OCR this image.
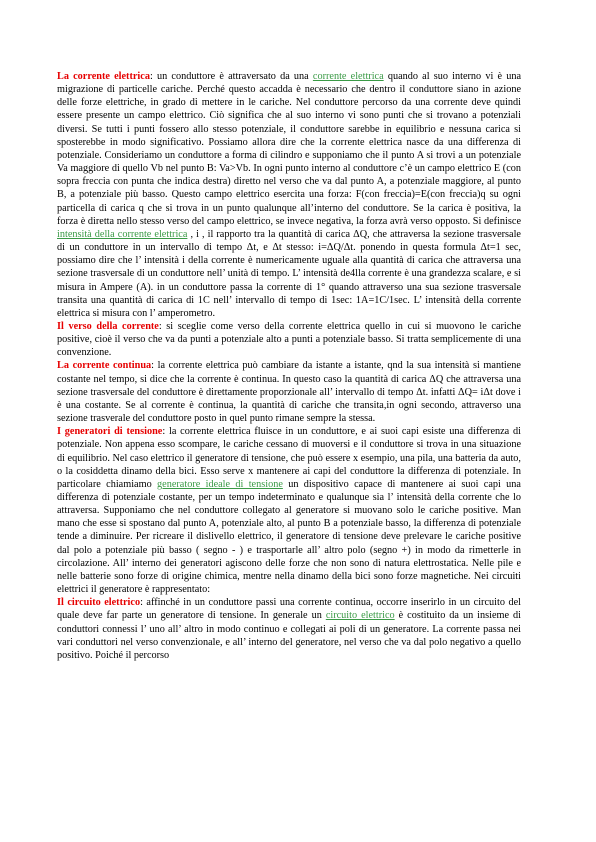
La corrente elettrica: un conduttore è attraversato da una corrente elettrica quando al suo interno vi è una migrazione di particelle cariche. Perché questo accadda è necessario che dentro il conduttore siano in azione delle forze elettriche, in grado di mettere in le cariche. Nel conduttore percorso da una corrente deve quindi essere presente un campo elettrico. Ciò significa che al suo interno vi sono punti che si trovano a potenziali diversi. Se tutti i punti fossero allo stesso potenziale, il conduttore sarebbe in equilibrio e nessuna carica si sposterebbe in modo significativo. Possiamo allora dire che la corrente elettrica nasce da una differenza di potenziale. Consideriamo un conduttore a forma di cilindro e supponiamo che il punto A si trovi a un potenziale Va maggiore di quello Vb nel punto B: Va>Vb. In ogni punto interno al conduttore c’è un campo elettrico E (con sopra freccia con punta che indica destra) diretto nel verso che va dal punto A, a potenziale maggiore, al punto B, a potenziale più basso. Questo campo elettrico esercita una forza: F(con freccia)=E(con freccia)q su ogni particella di carica q che si trova in un punto qualunque all’interno del conduttore. Se la carica è positiva, la forza è diretta nello stesso verso del campo elettrico, se invece negativa, la forza avrà verso opposto. Si definisce intensità della corrente elettrica , i , il rapporto tra la quantità di carica ΔQ, che attraversa la sezione trasversale di un conduttore in un intervallo di tempo Δt, e Δt stesso: i=ΔQ/Δt. ponendo in questa formula Δt=1 sec, possiamo dire che l’ intensità i della corrente è numericamente uguale alla quantità di carica che attraversa una sezione trasversale di un conduttore nell’ unità di tempo. L’ intensità de4lla corrente è una grandezza scalare, e si misura in Ampere (A). in un conduttore passa la corrente di 1° quando attraverso una sua sezione trasversale transita una quantità di carica di 1C nell’ intervallo di tempo di 1sec: 1A=1C/1sec. L’ intensità della corrente elettrica si misura con l’ amperometro.

Il verso della corrente: si sceglie come verso della corrente elettrica quello in cui si muovono le cariche positive, cioè il verso che va da punti a potenziale alto a punti a potenziale basso. Si tratta semplicemente di una convenzione.

La corrente continua: la corrente elettrica può cambiare da istante a istante, qnd la sua intensità si mantiene costante nel tempo, si dice che la corrente è continua. In questo caso la quantità di carica ΔQ che attraversa una sezione trasversale del conduttore è direttamente proporzionale all’ intervallo di tempo Δt. infatti ΔQ= iΔt dove i è una costante. Se al corrente è continua, la quantità di cariche che transita,in ogni secondo, attraverso una sezione trasverale del conduttore posto in quel punto rimane sempre la stessa.

I generatori di tensione: la corrente elettrica fluisce in un conduttore, e ai suoi capi esiste una differenza di potenziale. Non appena esso scompare, le cariche cessano di muoversi e il conduttore si trova in una situazione di equilibrio. Nel caso elettrico il generatore di tensione, che può essere x esempio, una pila, una batteria da auto, o la cosiddetta dinamo della bici. Esso serve x mantenere ai capi del conduttore la differenza di potenziale. In particolare chiamiamo generatore ideale di tensione un dispositivo capace di mantenere ai suoi capi una differenza di potenziale costante, per un tempo indeterminato e qualunque sia l’ intensità della corrente che lo attraversa. Supponiamo che nel conduttore collegato al generatore si muovano solo le cariche positive. Man mano che esse si spostano dal punto A, potenziale alto, al punto B a potenziale basso, la differenza di potenziale tende a diminuire. Per ricreare il dislivello elettrico, il generatore di tensione deve prelevare le cariche positive dal polo a potenziale più basso ( segno - ) e trasportarle all’ altro polo (segno +) in modo da rimetterle in circolazione. All’ interno dei generatori agiscono delle forze che non sono di natura elettrostatica. Nelle pile e nelle batterie sono forze di origine chimica, mentre nella dinamo della bici sono forze magnetiche. Nei circuiti elettrici il generatore è rappresentato:

Il circuito elettrico: affinché in un conduttore passi una corrente continua, occorre inserirlo in un circuito del quale deve far parte un generatore di tensione. In generale un circuito elettrico è costituito da un insieme di conduttori connessi l’ uno all’ altro in modo continuo e collegati ai poli di un generatore. La corrente passa nei vari conduttori nel verso convenzionale, e all’ interno del generatore, nel verso che va dal polo negativo a quello positivo. Poiché il percorso
